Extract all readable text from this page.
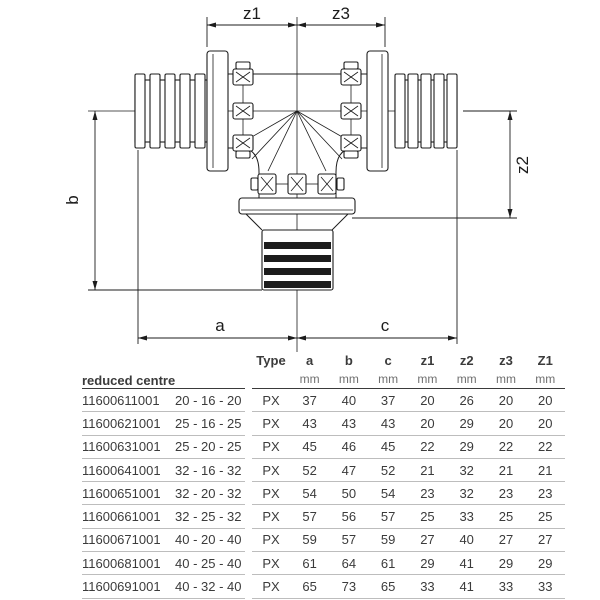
z1	z3
a	c
b
z2
Type	a	b	c	z1	z2	z3	Z1
reduced centre	mm	mm	mm	mm	mm	mm	mm
11600611001	20 - 16 - 20	PX	37	40	37	20	26	20	20
11600621001	25 - 16 - 25	PX	43	43	43	20	29	20	20
11600631001	25 - 20 - 25	PX	45	46	45	22	29	22	22
11600641001	32 - 16 - 32	PX	52	47	52	21	32	21	21
11600651001	32 - 20 - 32	PX	54	50	54	23	32	23	23
11600661001	32 - 25 - 32	PX	57	56	57	25	33	25	25
11600671001	40 - 20 - 40	PX	59	57	59	27	40	27	27
11600681001	40 - 25 - 40	PX	61	64	61	29	41	29	29
11600691001	40 - 32 - 40	PX	65	73	65	33	41	33	33
